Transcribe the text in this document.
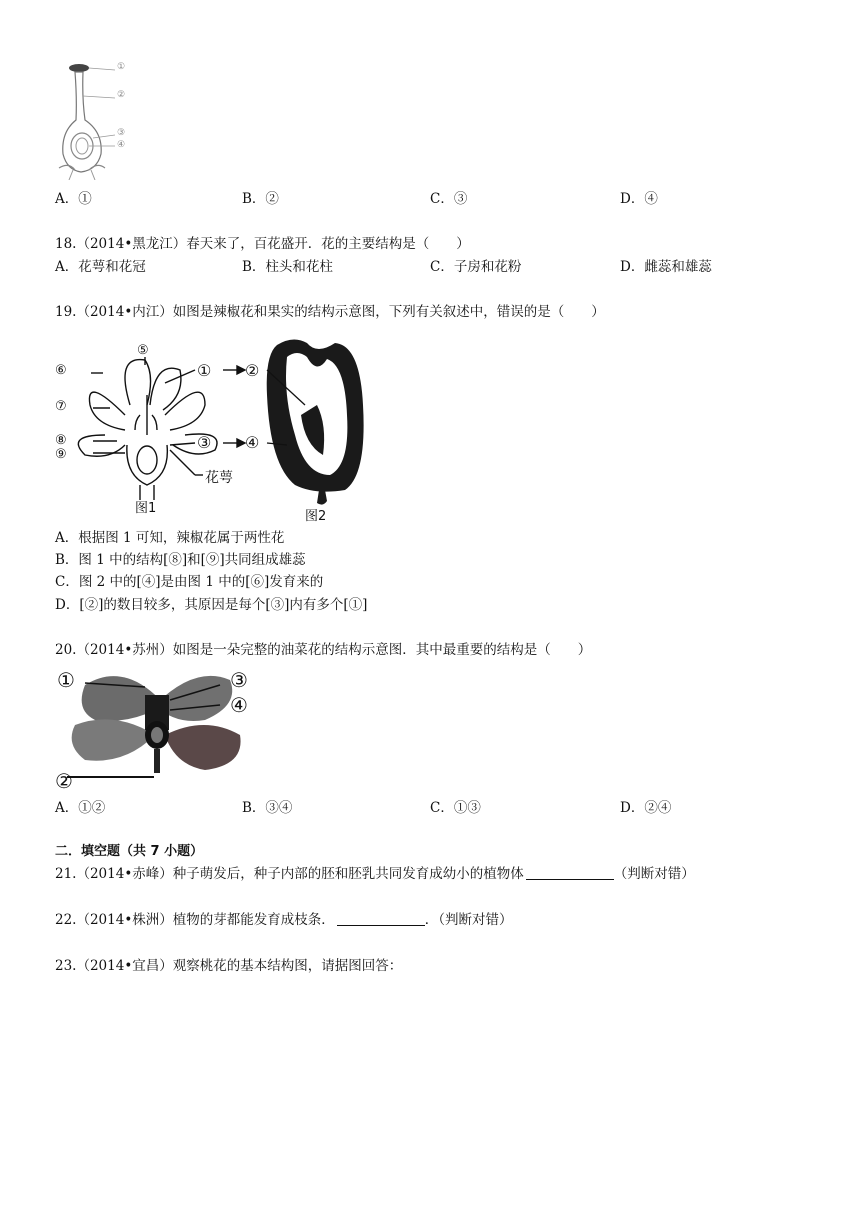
①
②
③
④
A．①	B．②	C．③	D．④
18.（2014•黑龙江）春天来了，百花盛开．花的主要结构是（　　）
A．花萼和花冠	B．柱头和花柱	C．子房和花粉	D．雌蕊和雄蕊
19.（2014•内江）如图是辣椒花和果实的结构示意图，下列有关叙述中，错误的是（　　）
⑥
⑤
① ②
⑦
⑧
⑨
③ ④
花萼
图1
图2
A．根据图 1 可知，辣椒花属于两性花
B．图 1 中的结构[⑧]和[⑨]共同组成雄蕊
C．图 2 中的[④]是由图 1 中的[⑥]发育来的
D．[②]的数目较多，其原因是每个[③]内有多个[①]
20.（2014•苏州）如图是一朵完整的油菜花的结构示意图．其中最重要的结构是（　　）
①
②
③
④
A．①②	B．③④	C．①③	D．②④
二．填空题（共 7 小题）
21.（2014•赤峰）种子萌发后，种子内部的胚和胚乳共同发育成幼小的植物体	（判断对错）
22.（2014•株洲）植物的芽都能发育成枝条．	．（判断对错）
23.（2014•宜昌）观察桃花的基本结构图，请据图回答：
